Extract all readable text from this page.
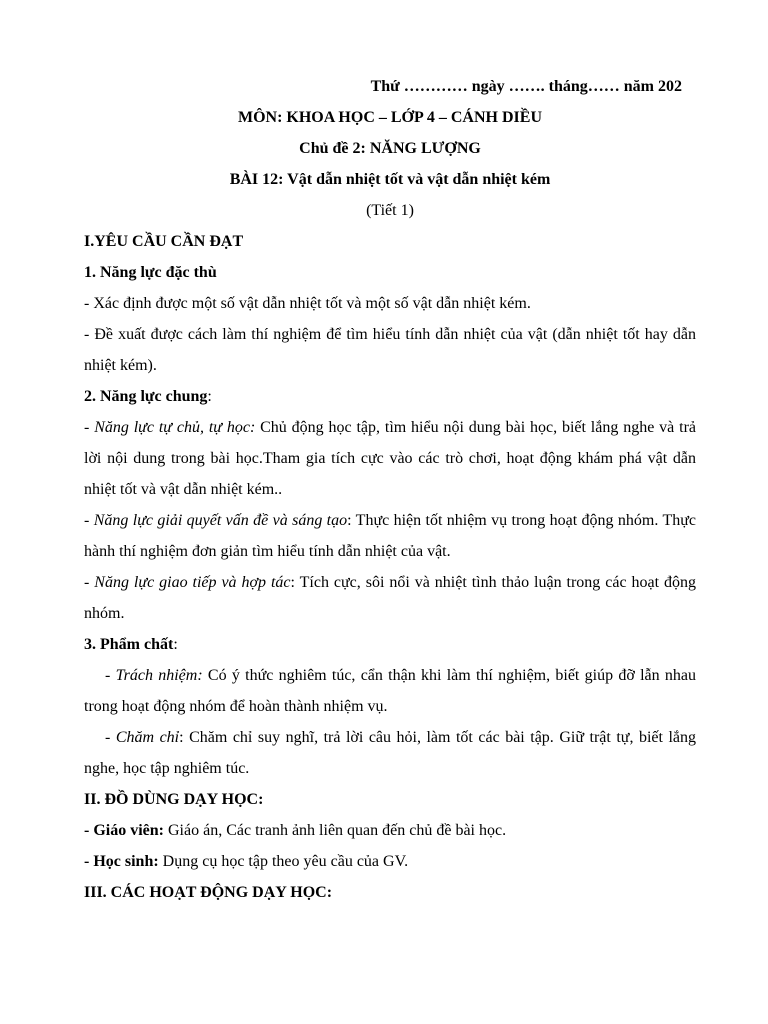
Thứ ………… ngày ……. tháng…… năm 202
MÔN: KHOA HỌC – LỚP 4 – CÁNH DIỀU
Chủ đề 2: NĂNG LƯỢNG
BÀI 12: Vật dẫn nhiệt tốt và vật dẫn nhiệt kém
(Tiết 1)
I.YÊU CẦU CẦN ĐẠT
1. Năng lực đặc thù
- Xác định được một số vật dẫn nhiệt tốt và một số vật dẫn nhiệt kém.
- Đề xuất được cách làm thí nghiệm để tìm hiểu tính dẫn nhiệt của vật (dẫn nhiệt tốt hay dẫn nhiệt kém).
2. Năng lực chung:
- Năng lực tự chủ, tự học: Chủ động học tập, tìm hiểu nội dung bài học, biết lắng nghe và trả lời nội dung trong bài học.Tham gia tích cực vào các trò chơi, hoạt động khám phá vật dẫn nhiệt tốt và vật dẫn nhiệt kém..
- Năng lực giải quyết vấn đề và sáng tạo: Thực hiện tốt nhiệm vụ trong hoạt động nhóm. Thực hành thí nghiệm đơn giản tìm hiểu tính dẫn nhiệt của vật.
- Năng lực giao tiếp và hợp tác: Tích cực, sôi nổi và nhiệt tình thảo luận trong các hoạt động nhóm.
3. Phẩm chất:
- Trách nhiệm: Có ý thức nghiêm túc, cẩn thận khi làm thí nghiệm, biết giúp đỡ lẫn nhau trong hoạt động nhóm để hoàn thành nhiệm vụ.
- Chăm chỉ: Chăm chỉ suy nghĩ, trả lời câu hỏi, làm tốt các bài tập. Giữ trật tự, biết lắng nghe, học tập nghiêm túc.
II. ĐỒ DÙNG DẠY HỌC:
- Giáo viên: Giáo án, Các tranh ảnh liên quan đến chủ đề bài học.
- Học sinh: Dụng cụ học tập theo yêu cầu của GV.
III. CÁC HOẠT ĐỘNG DẠY HỌC:
